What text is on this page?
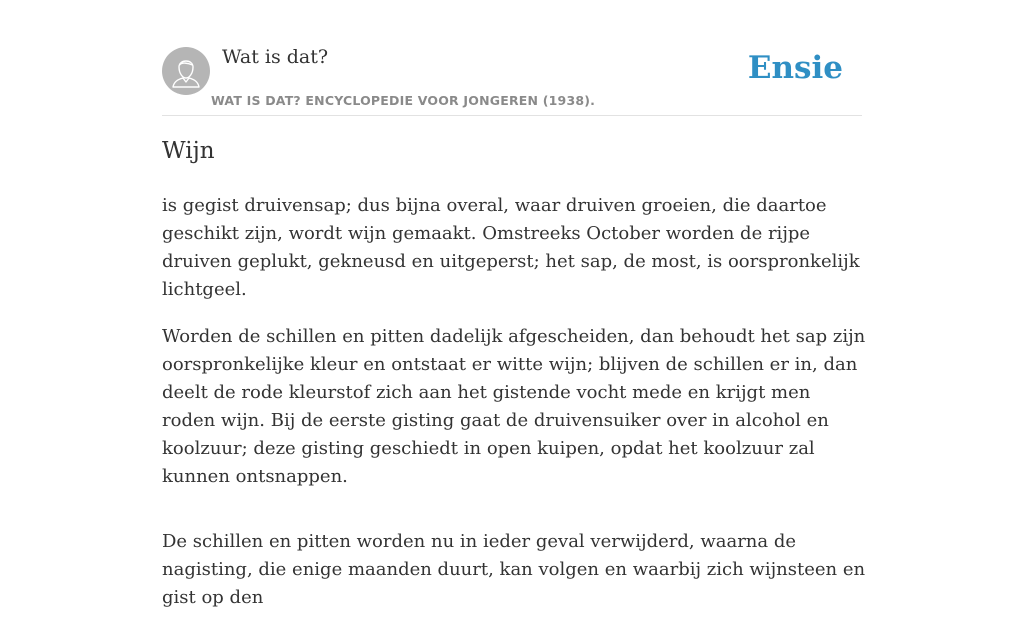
Wat is dat?
WAT IS DAT? ENCYCLOPEDIE VOOR JONGEREN (1938).
Ensie
Wijn

is gegist druivensap; dus bijna overal, waar druiven groeien, die daartoe geschikt zijn, wordt wijn gemaakt. Omstreeks October worden de rijpe druiven geplukt, gekneusd en uitgeperst; het sap, de most, is oorspronkelijk lichtgeel.

Worden de schillen en pitten dadelijk afgescheiden, dan behoudt het sap zijn oorspronkelijke kleur en ontstaat er witte wijn; blijven de schillen er in, dan deelt de rode kleurstof zich aan het gistende vocht mede en krijgt men roden wijn. Bij de eerste gisting gaat de druivensuiker over in alcohol en koolzuur; deze gisting geschiedt in open kuipen, opdat het koolzuur zal kunnen ontsnappen.

De schillen en pitten worden nu in ieder geval verwijderd, waarna de nagisting, die enige maanden duurt, kan volgen en waarbij zich wijnsteen en gist op den
